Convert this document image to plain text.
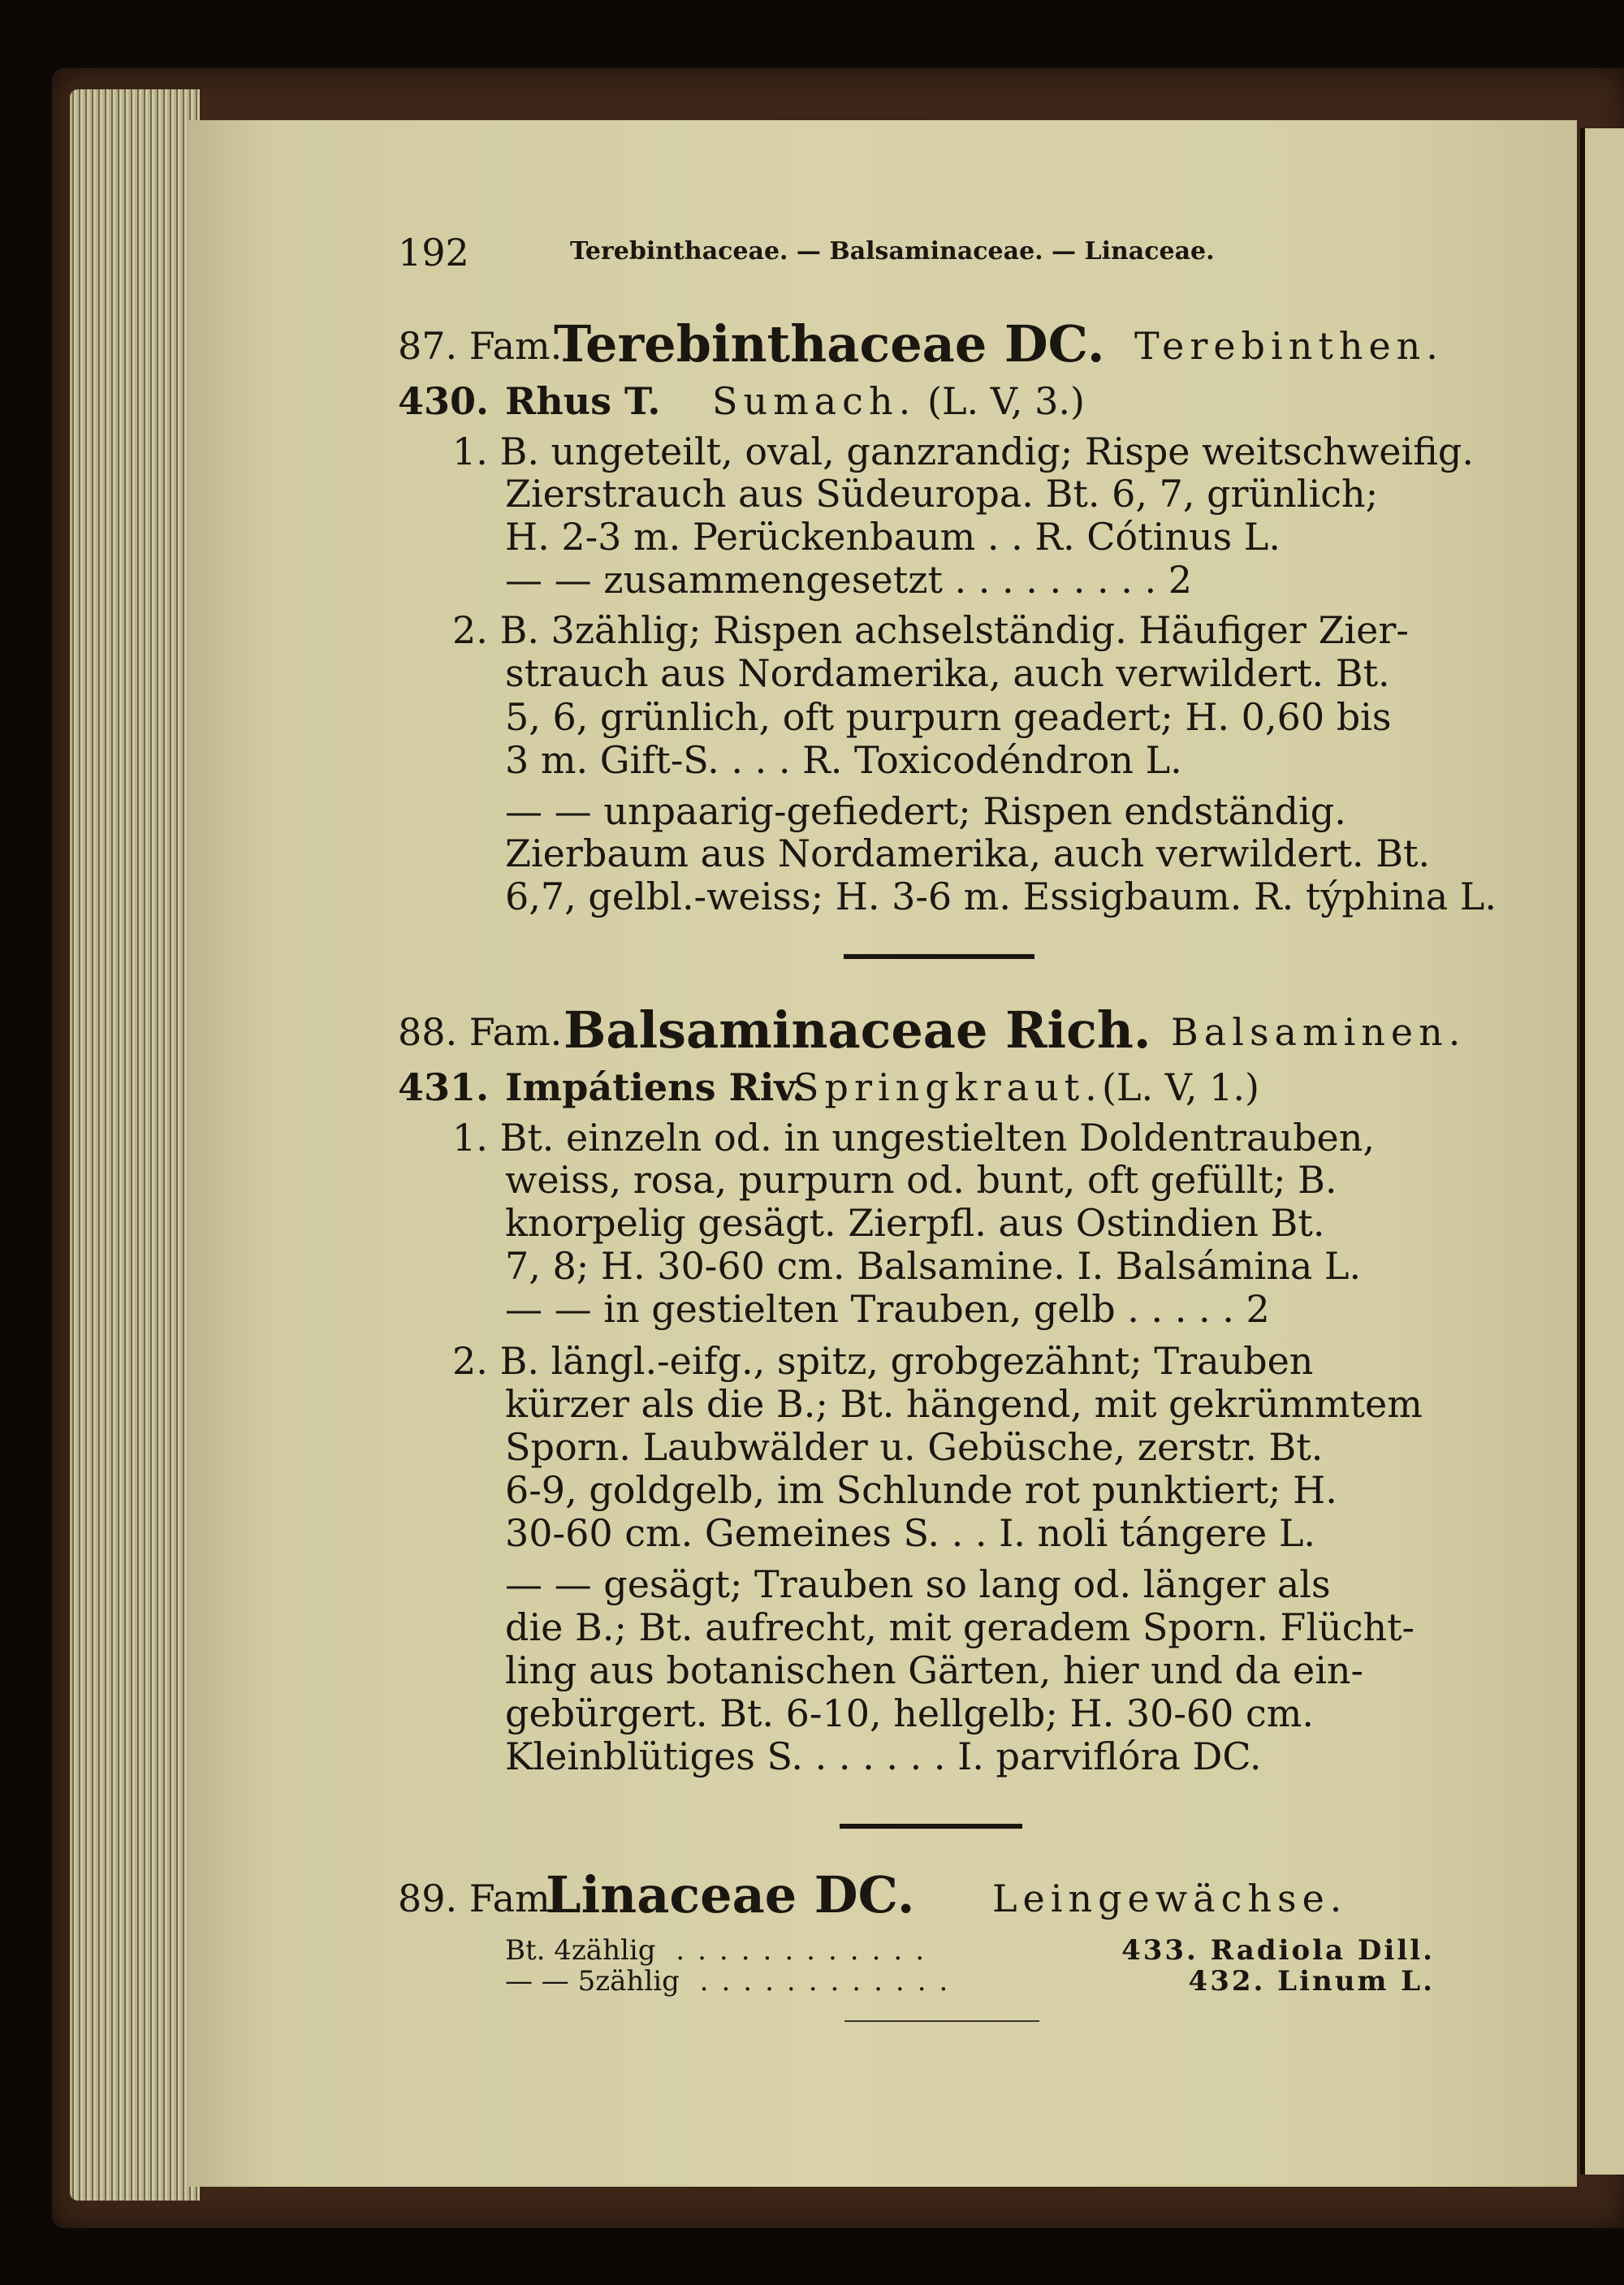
192	Terebinthaceae. — Balsaminaceae. — Linaceae.
87. Fam.
Terebinthaceae DC. Terebinthen.
430. Rhus T. Sumach. (L. V, 3.)
1. B. ungeteilt, oval, ganzrandig; Rispe weitschweifig.
Zierstrauch aus Südeuropa. Bt. 6, 7, grünlich;
H. 2-3 m. Perückenbaum . . R. Cótinus L.
— — zusammengesetzt . . . . . . . . . 2
2. B. 3zählig; Rispen achselständig. Häufiger Zier-
strauch aus Nordamerika, auch verwildert. Bt.
5, 6, grünlich, oft purpurn geadert; H. 0,60 bis
3 m. Gift-S. . . . R. Toxicodéndron L.
— — unpaarig-gefiedert; Rispen endständig.
Zierbaum aus Nordamerika, auch verwildert. Bt.
6,7, gelbl.-weiss; H. 3-6 m. Essigbaum. R. týphina L.
88. Fam. Balsaminaceae Rich. Balsaminen.
431. Impátiens Riv.
Springkraut. (L. V, 1.)
1. Bt. einzeln od. in ungestielten Doldentrauben,
weiss, rosa, purpurn od. bunt, oft gefüllt; B.
knorpelig gesägt. Zierpfl. aus Ostindien Bt.
7, 8; H. 30-60 cm. Balsamine. I. Balsámina L.
— — in gestielten Trauben, gelb . . . . . 2
2. B. längl.-eifg., spitz, grobgezähnt; Trauben
kürzer als die B.; Bt. hängend, mit gekrümmtem
Sporn. Laubwälder u. Gebüsche, zerstr. Bt.
6-9, goldgelb, im Schlunde rot punktiert; H.
30-60 cm. Gemeines S. . . I. noli tángere L.
— — gesägt; Trauben so lang od. länger als
die B.; Bt. aufrecht, mit geradem Sporn. Flücht-
ling aus botanischen Gärten, hier und da ein-
gebürgert. Bt. 6-10, hellgelb; H. 30-60 cm.
Kleinblütiges S. . . . . . . I. parviflóra DC.
89. Fam.
Linaceae DC. Leingewächse.
Bt. 4zählig ............	433. Radiola Dill.
— — 5zählig ............	432. Linum L.
